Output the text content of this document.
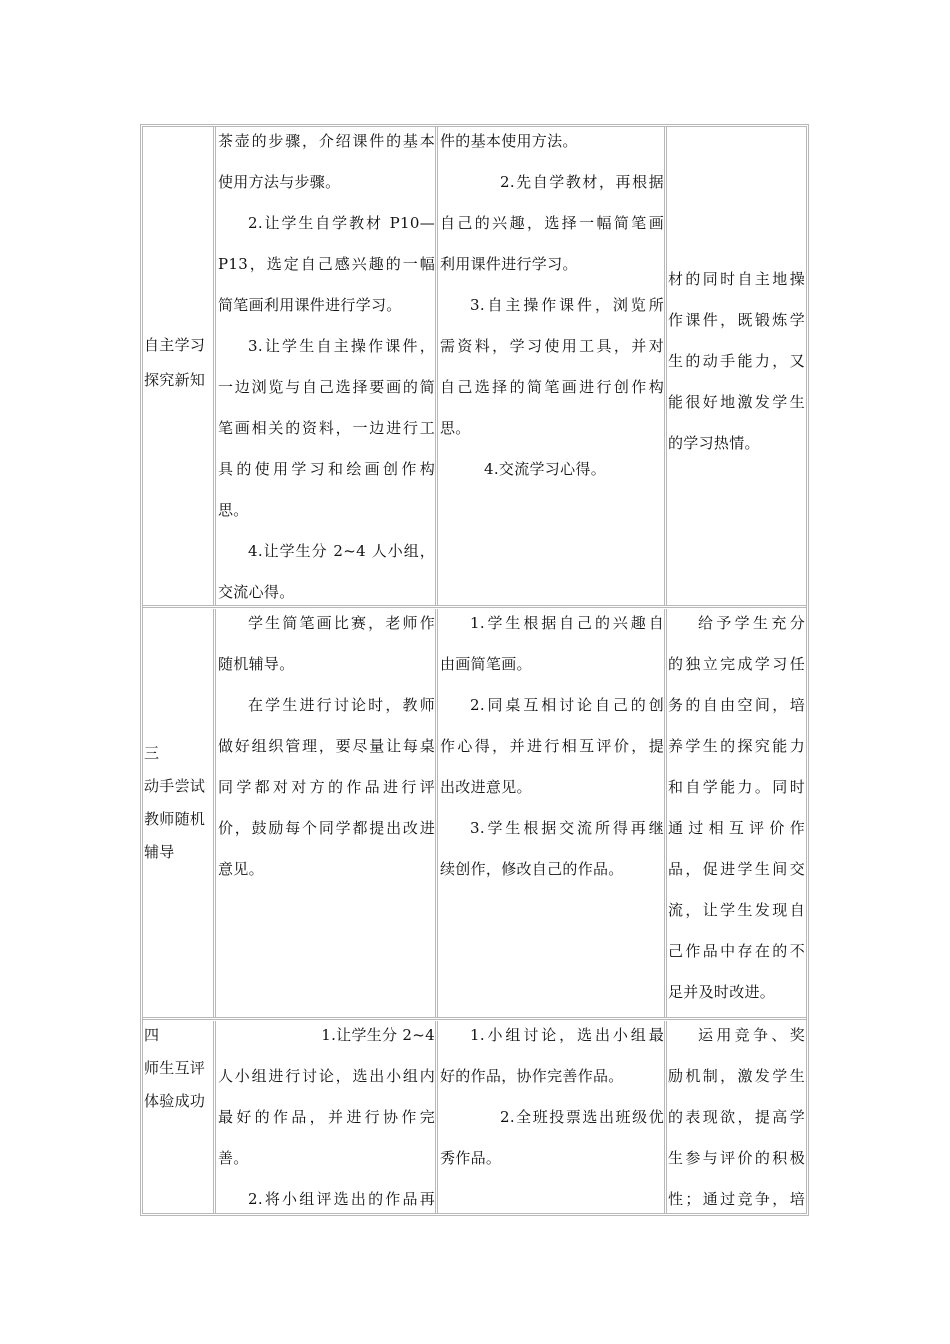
自主学习

探究新知

茶壶的步骤，介绍课件的基本

使用方法与步骤。

2.让学生自学教材 P10—

P13，选定自己感兴趣的一幅

简笔画利用课件进行学习。

3.让学生自主操作课件，

一边浏览与自己选择要画的简

笔画相关的资料，一边进行工

具的使用学习和绘画创作构

思。

4.让学生分 2~4 人小组，

交流心得。

件的基本使用方法。

2.先自学教材，再根据

自己的兴趣，选择一幅简笔画

利用课件进行学习。

3.自主操作课件，浏览所

需资料，学习使用工具，并对

自己选择的简笔画进行创作构

思。

4.交流学习心得。

材的同时自主地操

作课件，既锻炼学

生的动手能力，又

能很好地激发学生

的学习热情。

三

动手尝试

教师随机

辅导

学生简笔画比赛，老师作

随机辅导。

在学生进行讨论时，教师

做好组织管理，要尽量让每桌

同学都对对方的作品进行评

价，鼓励每个同学都提出改进

意见。

1.学生根据自己的兴趣自

由画简笔画。

2.同桌互相讨论自己的创

作心得，并进行相互评价，提

出改进意见。

3.学生根据交流所得再继

续创作，修改自己的作品。

给予学生充分

的独立完成学习任

务的自由空间，培

养学生的探究能力

和自学能力。同时

通过相互评价作

品，促进学生间交

流，让学生发现自

己作品中存在的不

足并及时改进。

四

师生互评

体验成功

1.让学生分 2~4

人小组进行讨论，选出小组内

最好的作品，并进行协作完

善。

2.将小组评选出的作品再

1.小组讨论，选出小组最

好的作品，协作完善作品。

2.全班投票选出班级优

秀作品。

运用竞争、奖

励机制，激发学生

的表现欲，提高学

生参与评价的积极

性；通过竞争，培
